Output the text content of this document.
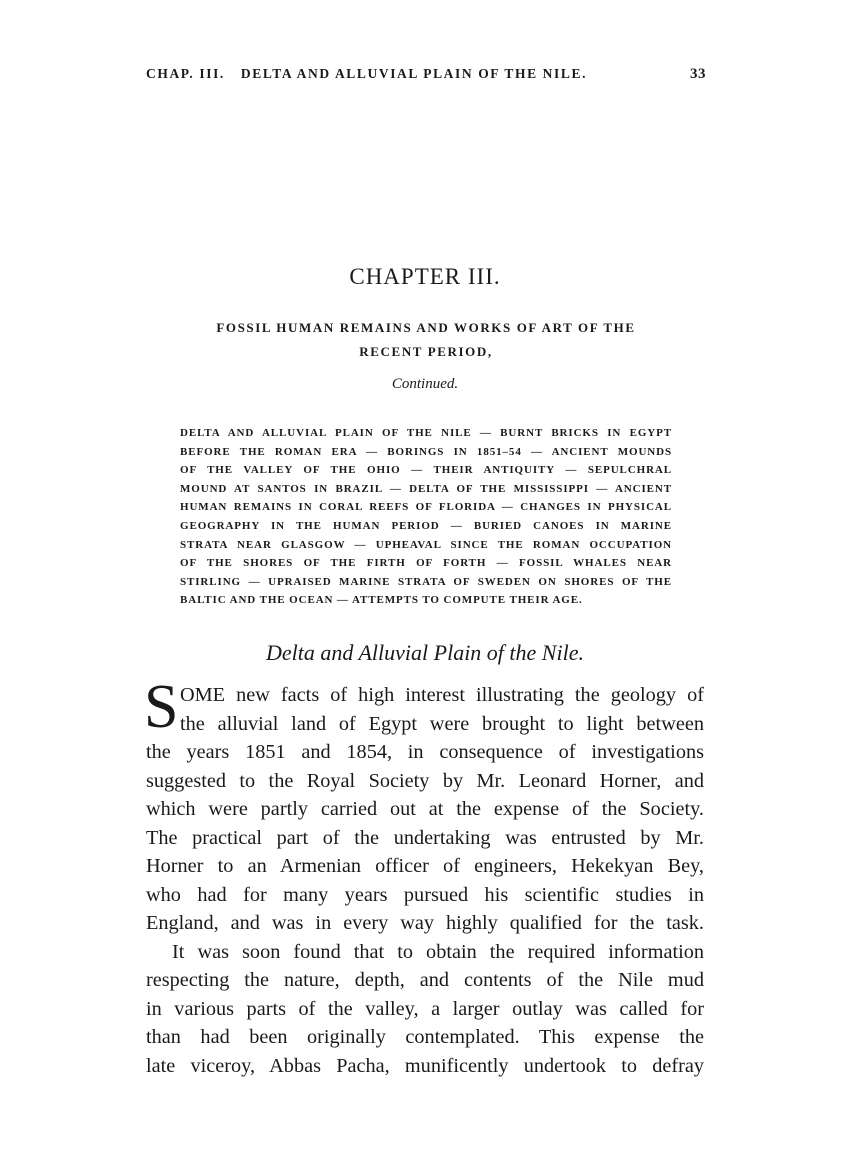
CHAP. III. DELTA AND ALLUVIAL PLAIN OF THE NILE.	33
CHAPTER III.
FOSSIL HUMAN REMAINS AND WORKS OF ART OF THE
RECENT PERIOD,
Continued.
DELTA AND ALLUVIAL PLAIN OF THE NILE — BURNT BRICKS IN EGYPT
BEFORE THE ROMAN ERA — BORINGS IN 1851–54 — ANCIENT MOUNDS
OF THE VALLEY OF THE OHIO — THEIR ANTIQUITY — SEPULCHRAL
MOUND AT SANTOS IN BRAZIL — DELTA OF THE MISSISSIPPI — ANCIENT
HUMAN REMAINS IN CORAL REEFS OF FLORIDA — CHANGES IN PHYSICAL
GEOGRAPHY IN THE HUMAN PERIOD — BURIED CANOES IN MARINE
STRATA NEAR GLASGOW — UPHEAVAL SINCE THE ROMAN OCCUPATION
OF THE SHORES OF THE FIRTH OF FORTH — FOSSIL WHALES NEAR
STIRLING — UPRAISED MARINE STRATA OF SWEDEN ON SHORES OF THE
BALTIC AND THE OCEAN — ATTEMPTS TO COMPUTE THEIR AGE.
Delta and Alluvial Plain of the Nile.
S OME new facts of high interest illustrating the geology of
the alluvial land of Egypt were brought to light between
the years 1851 and 1854, in consequence of investigations
suggested to the Royal Society by Mr. Leonard Horner, and
which were partly carried out at the expense of the Society.
The practical part of the undertaking was entrusted by Mr.
Horner to an Armenian officer of engineers, Hekekyan Bey,
who had for many years pursued his scientific studies in
England, and was in every way highly qualified for the task.
It was soon found that to obtain the required information
respecting the nature, depth, and contents of the Nile mud
in various parts of the valley, a larger outlay was called for
than had been originally contemplated. This expense the
late viceroy, Abbas Pacha, munificently undertook to defray
